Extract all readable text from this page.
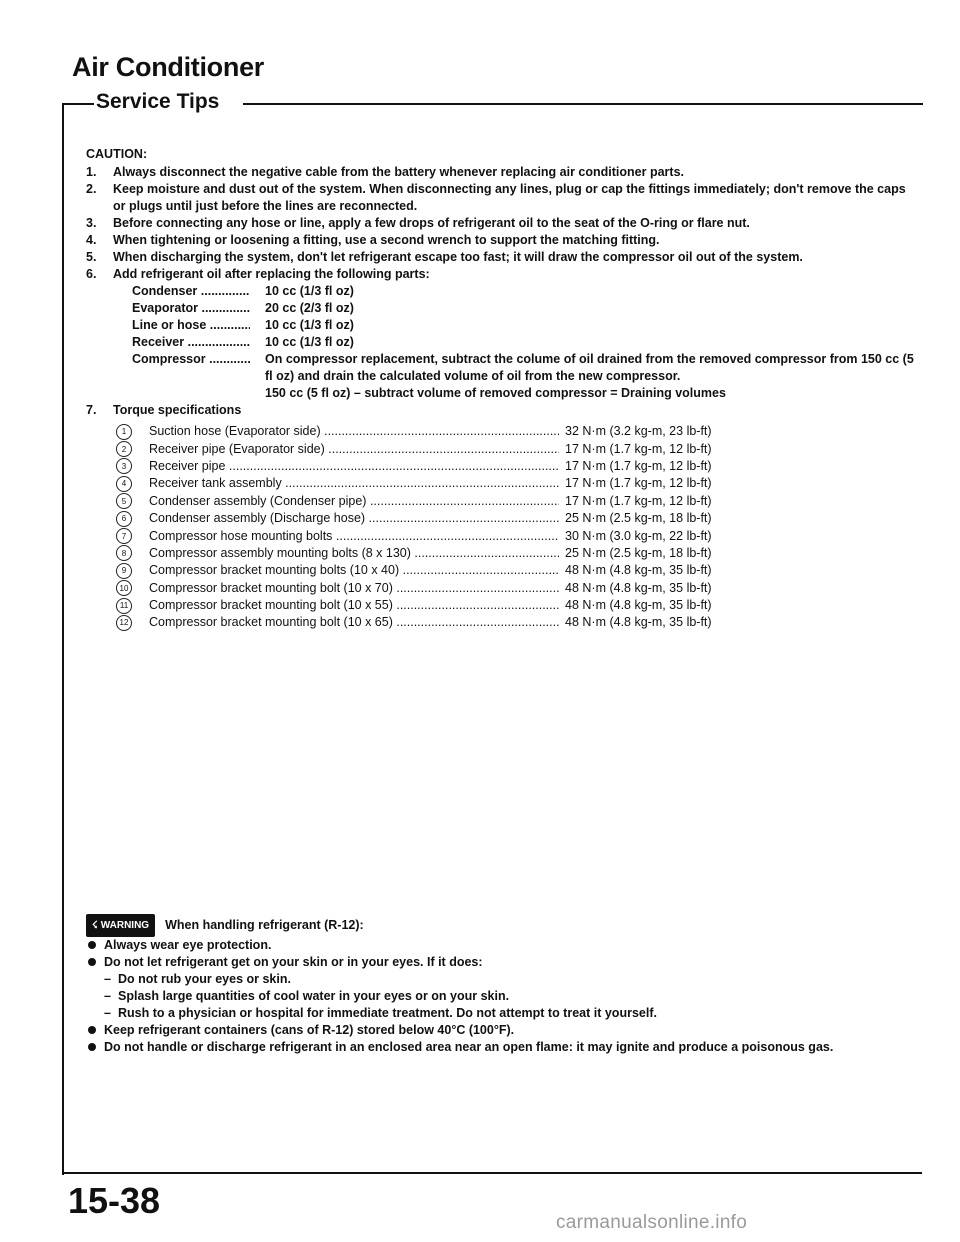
Air Conditioner
Service Tips
CAUTION:
1.	Always disconnect the negative cable from the battery whenever replacing air conditioner parts.
2.	Keep moisture and dust out of the system. When disconnecting any lines, plug or cap the fittings immediately; don't remove the caps or plugs until just before the lines are reconnected.
3.	Before connecting any hose or line, apply a few drops of refrigerant oil to the seat of the O-ring or flare nut.
4.	When tightening or loosening a fitting, use a second wrench to support the matching fitting.
5.	When discharging the system, don't let refrigerant escape too fast; it will draw the compressor oil out of the system.
6.	Add refrigerant oil after replacing the following parts:
Condenser .....	10 cc (1/3 fl oz)
Evaporator .....	20 cc (2/3 fl oz)
Line or hose .....	10 cc (1/3 fl oz)
Receiver .....	10 cc (1/3 fl oz)
Compressor .....	On compressor replacement, subtract the colume of oil drained from the removed compressor from 150 cc (5 fl oz) and drain the calculated volume of oil from the new compressor.
150 cc (5 fl oz) – subtract volume of removed compressor = Draining volumes
7.	Torque specifications
1	Suction hose (Evaporator side) .....	32 N·m (3.2 kg-m, 23 lb-ft)
2	Receiver pipe (Evaporator side) .....	17 N·m (1.7 kg-m, 12 lb-ft)
3	Receiver pipe .....	17 N·m (1.7 kg-m, 12 lb-ft)
4	Receiver tank assembly .....	17 N·m (1.7 kg-m, 12 lb-ft)
5	Condenser assembly (Condenser pipe) .....	17 N·m (1.7 kg-m, 12 lb-ft)
6	Condenser assembly (Discharge hose) .....	25 N·m (2.5 kg-m, 18 lb-ft)
7	Compressor hose mounting bolts .....	30 N·m (3.0 kg-m, 22 lb-ft)
8	Compressor assembly mounting bolts (8 x 130) .....	25 N·m (2.5 kg-m, 18 lb-ft)
9	Compressor bracket mounting bolts (10 x 40) .....	48 N·m (4.8 kg-m, 35 lb-ft)
10 Compressor bracket mounting bolt (10 x 70) .....	48 N·m (4.8 kg-m, 35 lb-ft)
11	Compressor bracket mounting bolt (10 x 55) .....	48 N·m (4.8 kg-m, 35 lb-ft)
12 Compressor bracket mounting bolt (10 x 65) .....	48 N·m (4.8 kg-m, 35 lb-ft)
☇ WARNING When handling refrigerant (R-12):
Always wear eye protection.
Do not let refrigerant get on your skin or in your eyes. If it does:
– Do not rub your eyes or skin.
– Splash large quantities of cool water in your eyes or on your skin.
– Rush to a physician or hospital for immediate treatment. Do not attempt to treat it yourself.
Keep refrigerant containers (cans of R-12) stored below 40°C (100°F).
Do not handle or discharge refrigerant in an enclosed area near an open flame: it may ignite and produce a poisonous gas.
15-38
carmanualsonline.info
